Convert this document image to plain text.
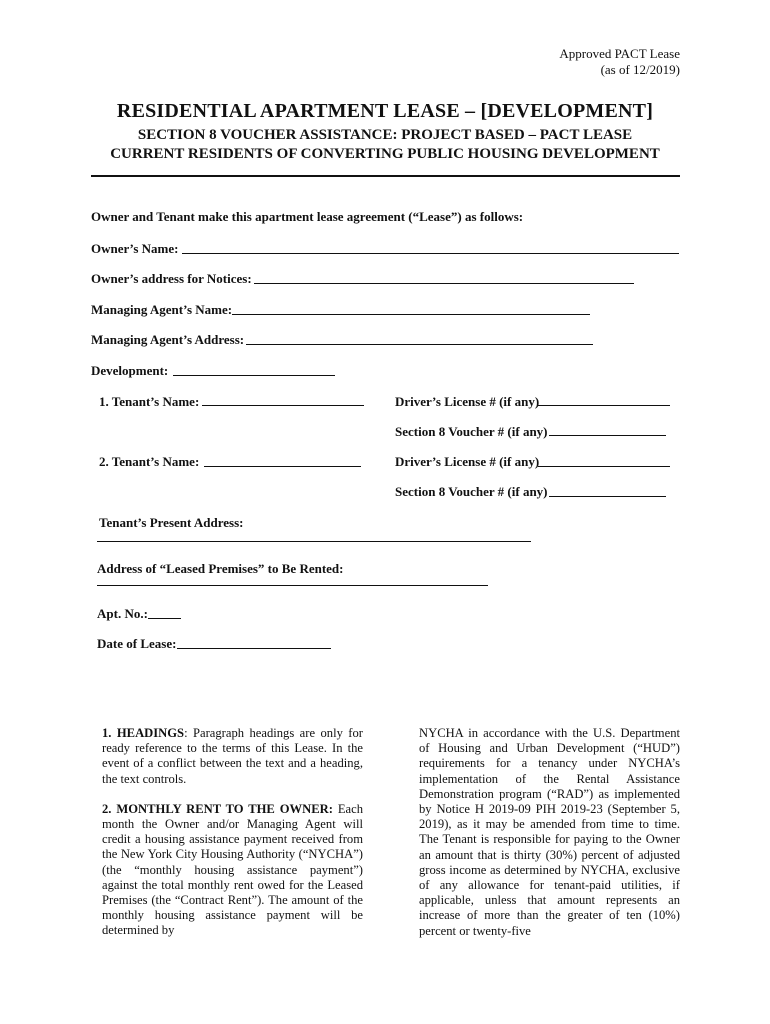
Approved PACT Lease
(as of 12/2019)
RESIDENTIAL APARTMENT LEASE – [DEVELOPMENT]
SECTION 8 VOUCHER ASSISTANCE: PROJECT BASED – PACT LEASE
CURRENT RESIDENTS OF CONVERTING PUBLIC HOUSING DEVELOPMENT
Owner and Tenant make this apartment lease agreement (“Lease”) as follows:
Owner’s Name:
Owner’s address for Notices:
Managing Agent’s Name:
Managing Agent’s Address:
Development:
1. Tenant’s Name:	Driver’s License # (if any)
Section 8 Voucher # (if any)
2. Tenant’s Name:	Driver’s License # (if any)
Section 8 Voucher # (if any)
Tenant’s Present Address:
Address of “Leased Premises” to Be Rented:
Apt. No.:
Date of Lease:

1. HEADINGS: Paragraph headings are only for ready reference to the terms of this Lease. In the event of a conflict between the text and a heading, the text controls.

2. MONTHLY RENT TO THE OWNER: Each month the Owner and/or Managing Agent will credit a housing assistance payment received from the New York City Housing Authority (“NYCHA”) (the “monthly housing assistance payment”) against the total monthly rent owed for the Leased Premises (the “Contract Rent”). The amount of the monthly housing assistance payment will be determined by

NYCHA in accordance with the U.S. Department of Housing and Urban Development (“HUD”) requirements for a tenancy under NYCHA’s implementation of the Rental Assistance Demonstration program (“RAD”) as implemented by Notice H 2019-09 PIH 2019-23 (September 5, 2019), as it may be amended from time to time. The Tenant is responsible for paying to the Owner an amount that is thirty (30%) percent of adjusted gross income as determined by NYCHA, exclusive of any allowance for tenant-paid utilities, if applicable, unless that amount represents an increase of more than the greater of ten (10%) percent or twenty-five
